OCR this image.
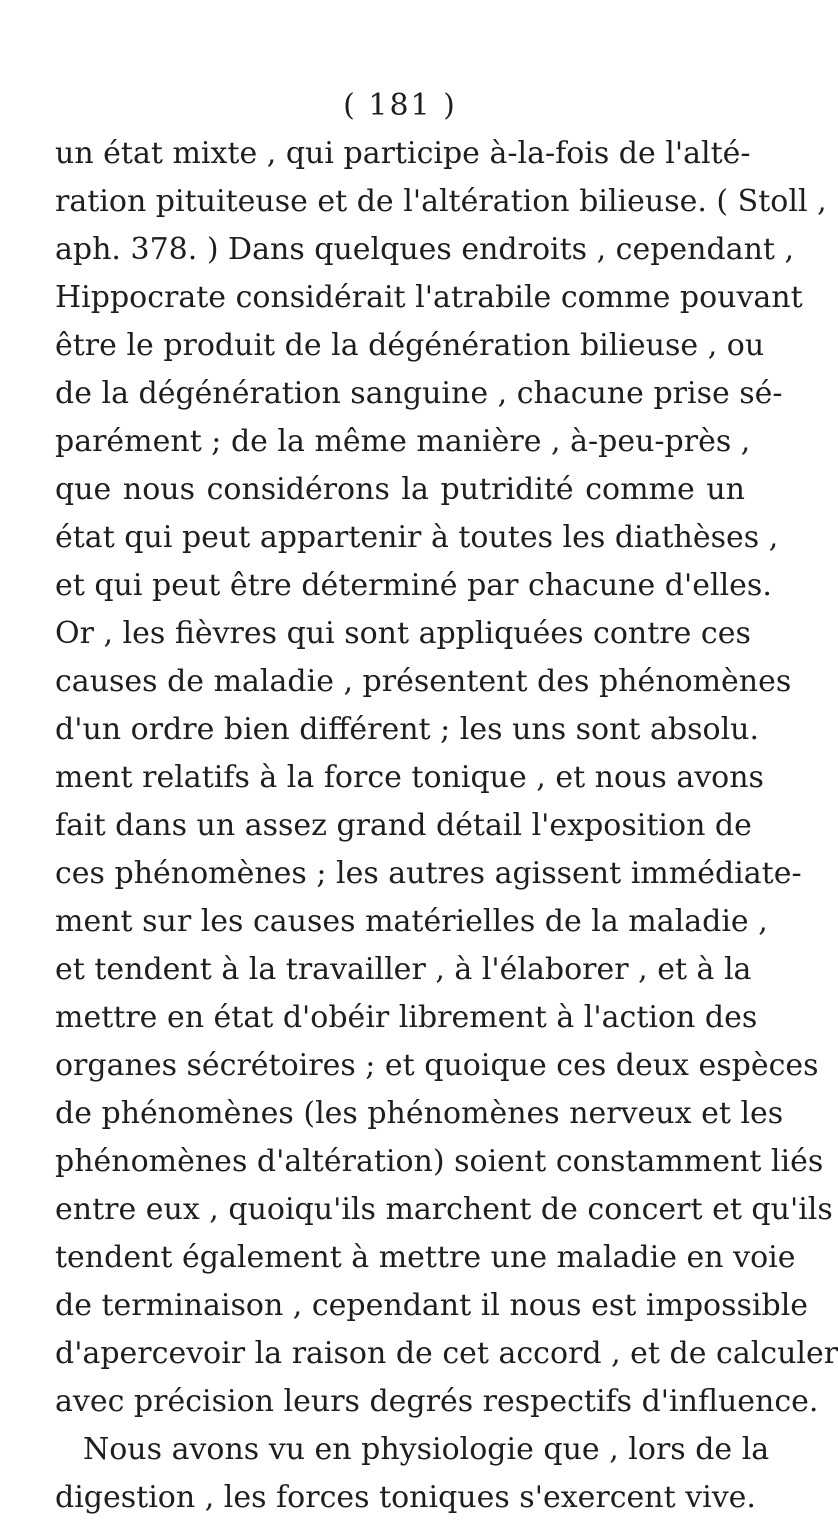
( 181 )
un état mixte , qui participe à-la-fois de l'alté-
ration pituiteuse et de l'altération bilieuse. ( Stoll ,
aph. 378. ) Dans quelques endroits , cependant ,
Hippocrate considérait l'atrabile comme pouvant
être le produit de la dégénération bilieuse , ou
de la dégénération sanguine , chacune prise sé-
parément ; de la même manière , à-peu-près ,
que nous considérons la putridité comme un
état qui peut appartenir à toutes les diathèses ,
et qui peut être déterminé par chacune d'elles.
Or , les fièvres qui sont appliquées contre ces
causes de maladie , présentent des phénomènes
d'un ordre bien différent ; les uns sont absolu.
ment relatifs à la force tonique , et nous avons
fait dans un assez grand détail l'exposition de
ces phénomènes ; les autres agissent immédiate-
ment sur les causes matérielles de la maladie ,
et tendent à la travailler , à l'élaborer , et à la
mettre en état d'obéir librement à l'action des
organes sécrétoires ; et quoique ces deux espèces
de phénomènes (les phénomènes nerveux et les
phénomènes d'altération) soient constamment liés
entre eux , quoiqu'ils marchent de concert et qu'ils
tendent également à mettre une maladie en voie
de terminaison , cependant il nous est impossible
d'apercevoir la raison de cet accord , et de calculer
avec précision leurs degrés respectifs d'influence.
Nous avons vu en physiologie que , lors de la
digestion , les forces toniques s'exercent vive.
